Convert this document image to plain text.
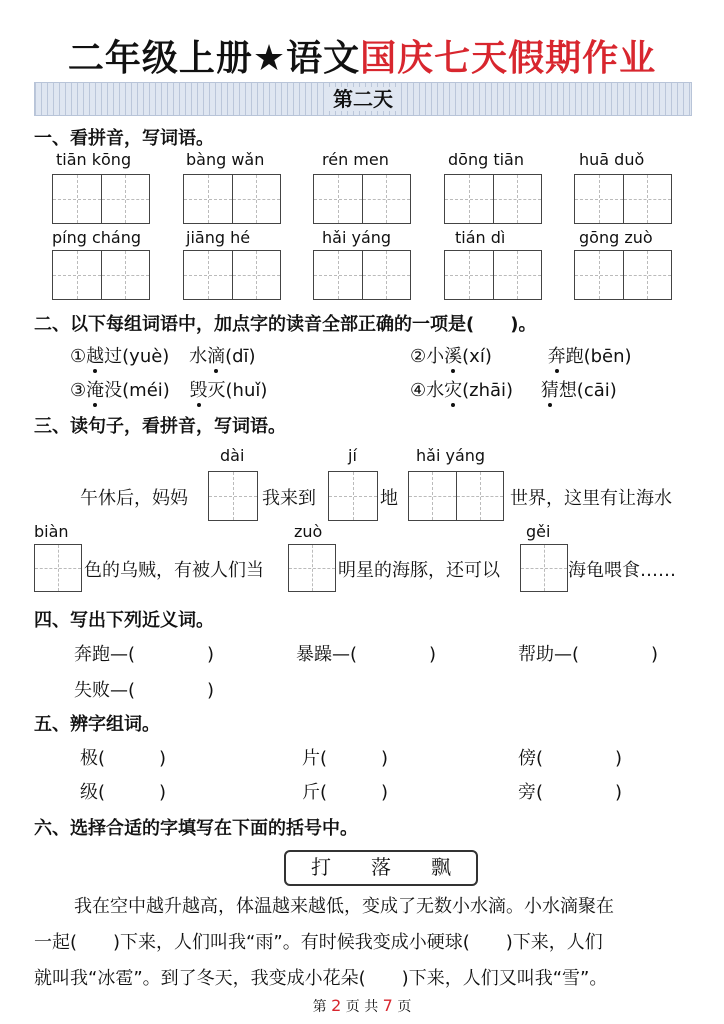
二年级上册★语文国庆七天假期作业
第二天
一、看拼音，写词语。
tiān kōng	bàng wǎn	rén men	dōng tiān	huā duǒ
píng cháng	jiāng hé	hǎi yáng	tián dì	gōng zuò
二、以下每组词语中，加点字的读音全部正确的一项是(　　)。
①越过(yuè) 水滴(dī)	②小溪(xí)	奔跑(bēn)
③淹没(méi) 毁灭(huǐ)	④水灾(zhāi) 猜想(cāi)
三、读句子，看拼音，写词语。
dài	jí	hǎi yáng
午休后，妈妈	我来到	地	世界，这里有让海水
biàn	zuò	gěi
色的乌贼，有被人们当	明星的海豚，还可以	海龟喂食……
四、写出下列近义词。
奔跑—(　　　　)	暴躁—(　　　　)	帮助—(　　　　)
失败—(　　　　)
五、辨字组词。
极(　　　)	片(　　　)	傍(　　　　)
级(　　　)	斤(　　　)	旁(　　　　)
六、选择合适的字填写在下面的括号中。
打 落 飘
我在空中越升越高，体温越来越低，变成了无数小水滴。小水滴聚在
一起(　　)下来，人们叫我“雨”。有时候我变成小硬球(　　)下来，人们
就叫我“冰雹”。到了冬天，我变成小花朵(　　)下来，人们又叫我“雪”。
第 2 页 共 7 页
